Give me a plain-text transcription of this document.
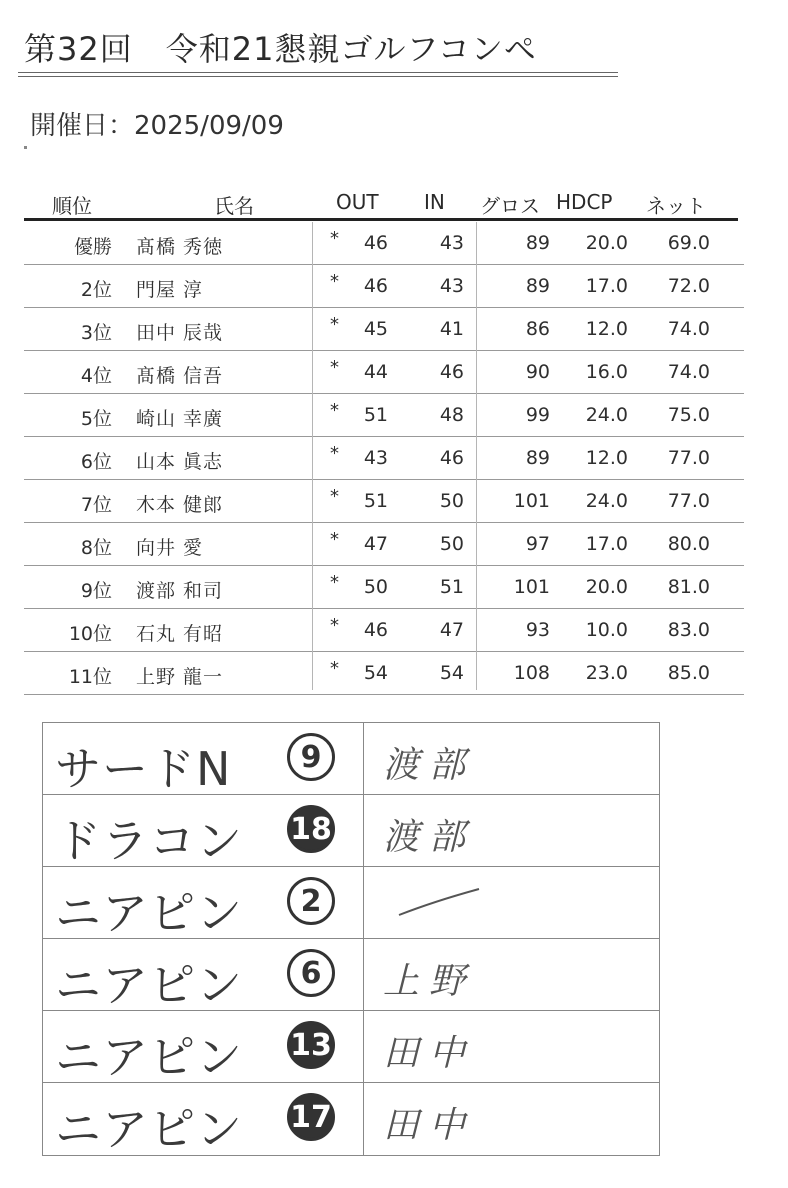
第32回　令和21懇親ゴルフコンペ
開催日：2025/09/09
順位	氏名	OUT IN グロス HDCP ネット
優勝 髙橋 秀徳	*	46	43	89	20.0	69.0
2位 門屋 淳	*	46	43	89	17.0	72.0
3位 田中 辰哉	*	45	41	86	12.0	74.0
4位 髙橋 信吾	*	44	46	90	16.0	74.0
5位 崎山 幸廣	*	51	48	99	24.0	75.0
6位 山本 眞志	*	43	46	89	12.0	77.0
7位 木本 健郎	*	51	50	101	24.0	77.0
8位 向井 愛	*	47	50	97	17.0	80.0
9位 渡部 和司	*	50	51	101	20.0	81.0
10位 石丸 有昭	*	46	47	93	10.0	83.0
11位 上野 龍一	*	54	54	108	23.0	85.0
サードN	9	渡部
ドラコン 18 渡部
ニアピン	2
ニアピン	6	上野
ニアピン 13 田中
ニアピン 17 田中
